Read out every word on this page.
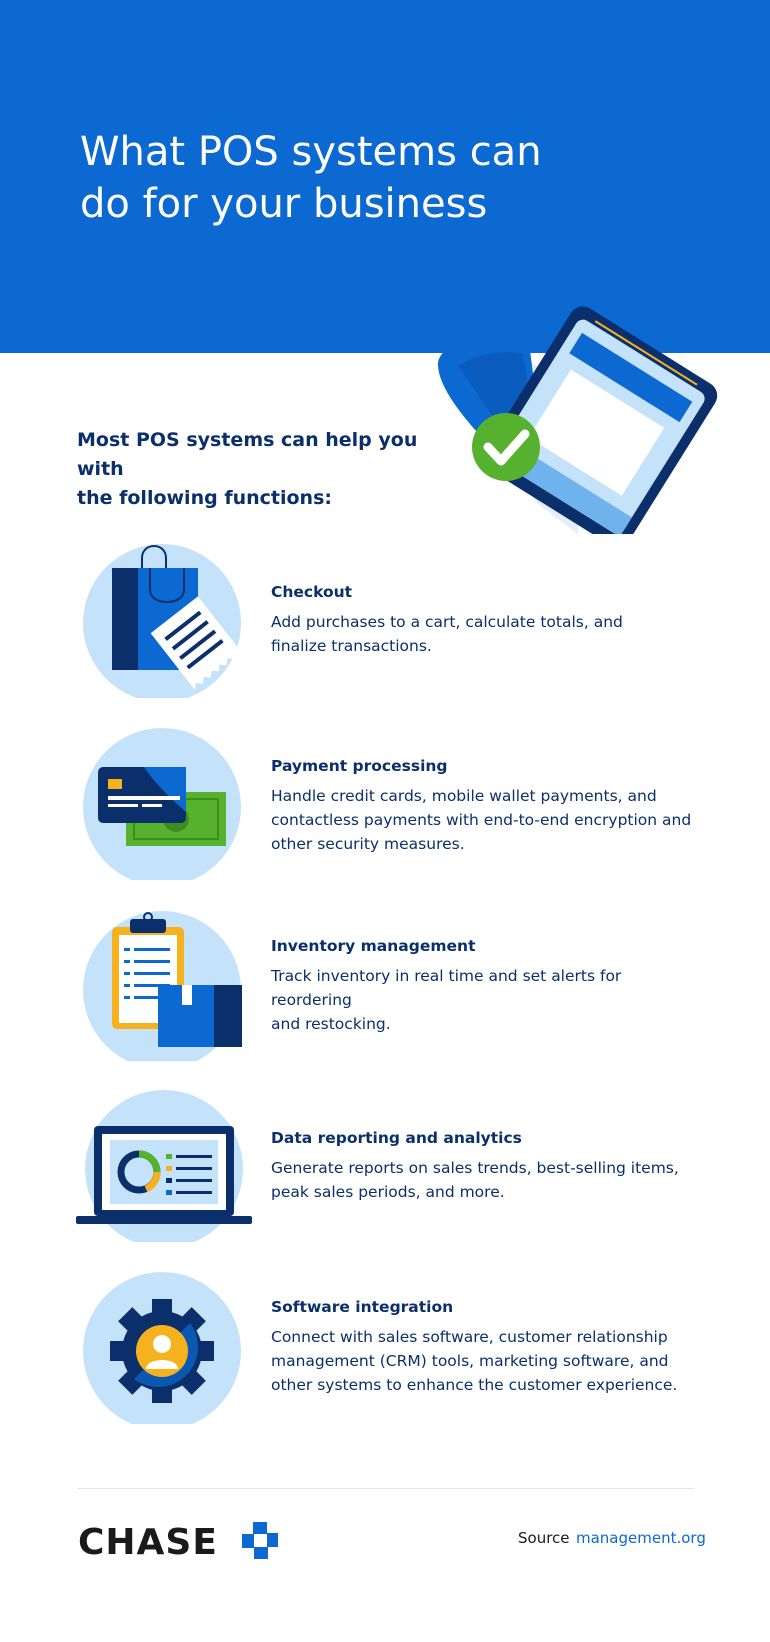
What POS systems can
do for your business
Most POS systems can help you with
the following functions:
Checkout

Add purchases to a cart, calculate totals, and
finalize transactions.

Payment processing

Handle credit cards, mobile wallet payments, and
contactless payments with end-to-end encryption and
other security measures.

Inventory management

Track inventory in real time and set alerts for reordering
and restocking.

Data reporting and analytics

Generate reports on sales trends, best-selling items,
peak sales periods, and more.

Software integration

Connect with sales software, customer relationship
management (CRM) tools, marketing software, and
other systems to enhance the customer experience.

CHASE	Source management.org
